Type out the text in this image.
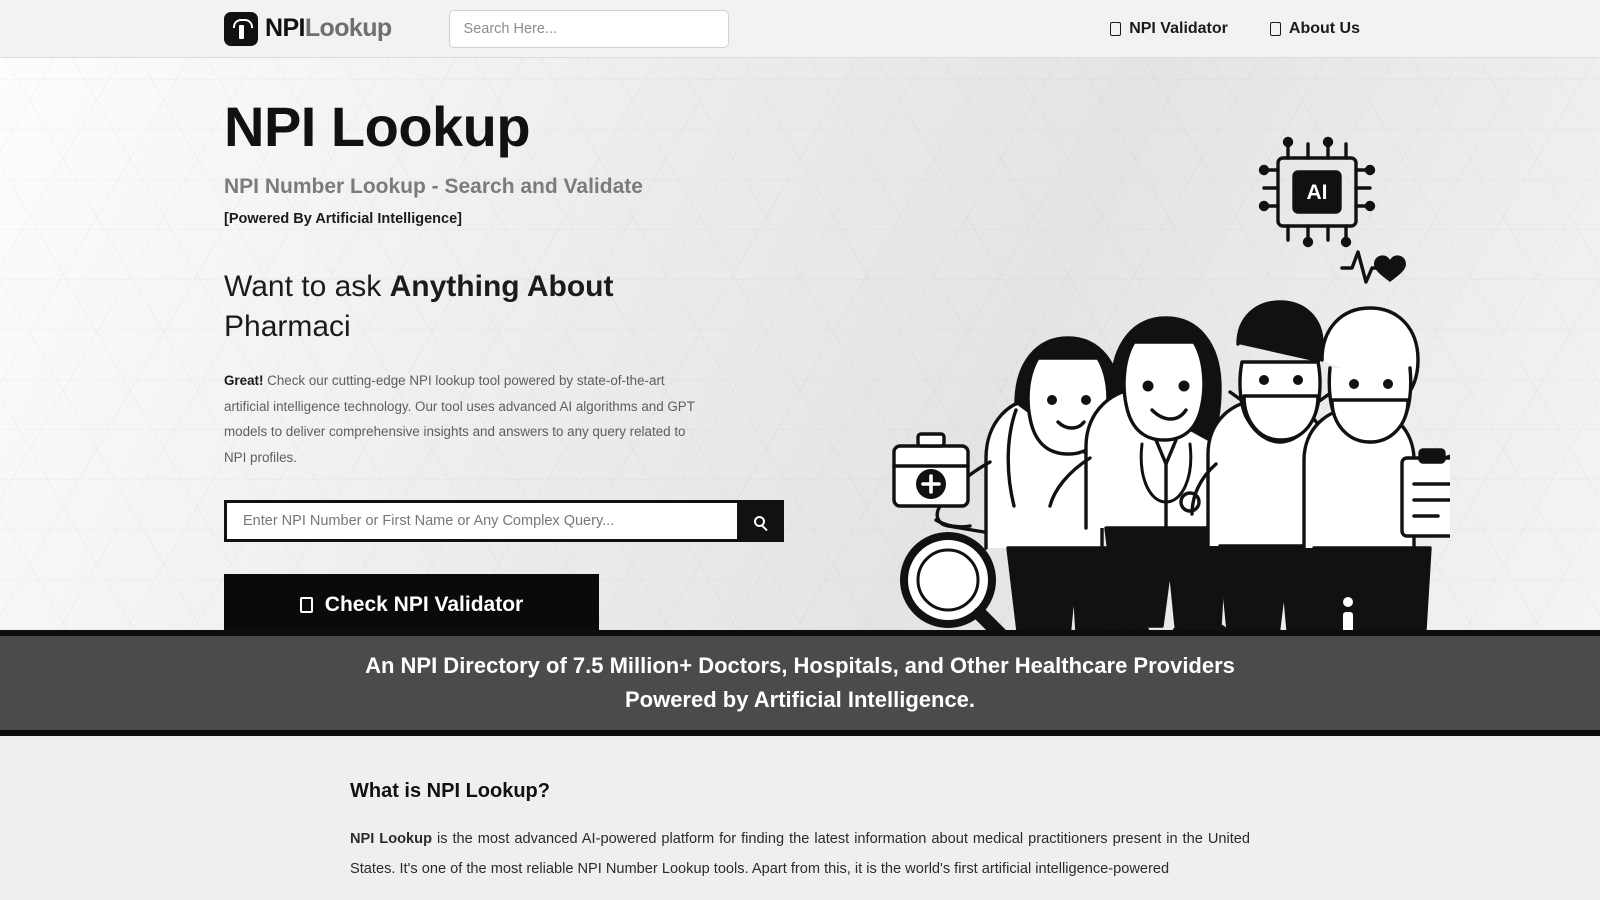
NPILookup
Search Here...	NPI Validator	About Us
NPI Lookup
NPI Number Lookup - Search and Validate
[Powered By Artificial Intelligence]
Want to ask Anything About
Pharmaci
Great! Check our cutting-edge NPI lookup tool powered by state-of-the-art artificial intelligence technology. Our tool uses advanced AI algorithms and GPT models to deliver comprehensive insights and answers to any query related to NPI profiles.
Enter NPI Number or First Name or Any Complex Query...
Check NPI Validator
AI
An NPI Directory of 7.5 Million+ Doctors, Hospitals, and Other Healthcare Providers
Powered by Artificial Intelligence.
What is NPI Lookup?

NPI Lookup is the most advanced AI-powered platform for finding the latest information about medical practitioners present in the United States. It's one of the most reliable NPI Number Lookup tools. Apart from this, it is the world's first artificial intelligence-powered
